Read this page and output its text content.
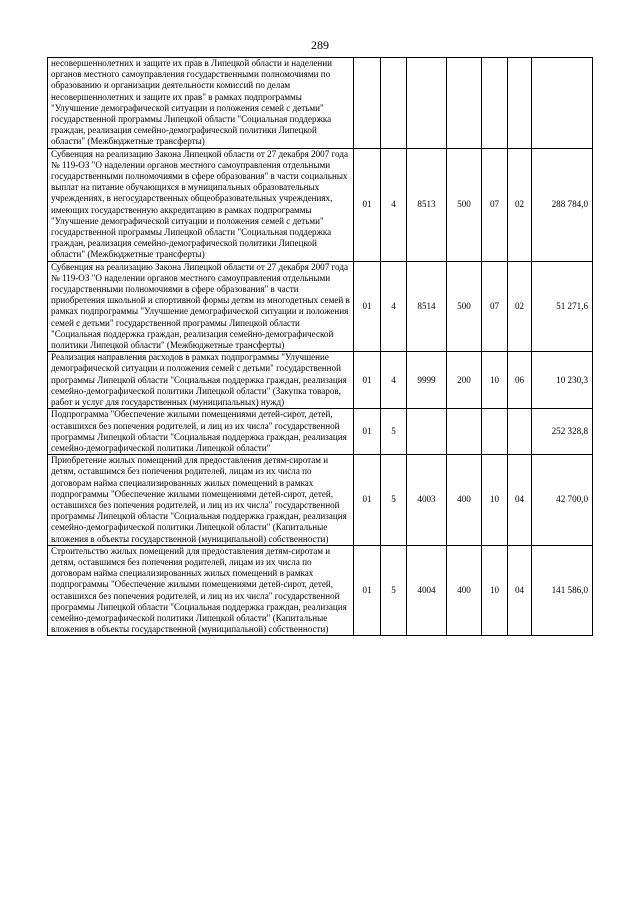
289
несовершеннолетних и защите их прав в Липецкой области и наделении органов местного самоуправления государственными полномочиями по образованию и организации деятельности комиссий по делам несовершеннолетних и защите их прав" в рамках подпрограммы "Улучшение демографической ситуации и положения семей с детьми" государственной программы Липецкой области "Социальная поддержка граждан, реализация семейно-демографической политики Липецкой области" (Межбюджетные трансферты)							
Субвенция на реализацию Закона Липецкой области от 27 декабря 2007 года № 119-ОЗ "О наделении органов местного самоуправления отдельными государственными полномочиями в сфере образования" в части социальных выплат на питание обучающихся в муниципальных образовательных учреждениях, в негосударственных общеобразовательных учреждениях, имеющих государственную аккредитацию в рамках подпрограммы "Улучшение демографической ситуации и положения семей с детьми" государственной программы Липецкой области "Социальная поддержка граждан, реализация семейно-демографической политики Липецкой области" (Межбюджетные трансферты)	01	4	8513	500	07	02	288 784,0
Субвенция на реализацию Закона Липецкой области от 27 декабря 2007 года № 119-ОЗ "О наделении органов местного самоуправления отдельными государственными полномочиями в сфере образования" в части приобретения школьной и спортивной формы детям из многодетных семей в рамках подпрограммы "Улучшение демографической ситуации и положения семей с детьми" государственной программы Липецкой области "Социальная поддержка граждан, реализация семейно-демографической политики Липецкой области" (Межбюджетные трансферты)	01	4	8514	500	07	02	51 271,6
Реализация направления расходов в рамках подпрограммы "Улучшение демографической ситуации и положения семей с детьми" государственной программы Липецкой области "Социальная поддержка граждан, реализация семейно-демографической политики Липецкой области" (Закупка товаров, работ и услуг для государственных (муниципальных) нужд)	01	4	9999	200	10	06	10 230,3
Подпрограмма "Обеспечение жилыми помещениями детей-сирот, детей, оставшихся без попечения родителей, и лиц из их числа" государственной программы Липецкой области "Социальная поддержка граждан, реализация семейно-демографической политики Липецкой области"	01	5					252 328,8
Приобретение жилых помещений для предоставления детям-сиротам и детям, оставшимся без попечения родителей, лицам из их числа по договорам найма специализированных жилых помещений в рамках подпрограммы "Обеспечение жилыми помещениями детей-сирот, детей, оставшихся без попечения родителей, и лиц из их числа" государственной программы Липецкой области "Социальная поддержка граждан, реализация семейно-демографической политики Липецкой области" (Капитальные вложения в объекты государственной (муниципальной) собственности)	01	5	4003	400	10	04	42 700,0
Строительство жилых помещений для предоставления детям-сиротам и детям, оставшимся без попечения родителей, лицам из их числа по договорам найма специализированных жилых помещений в рамках подпрограммы "Обеспечение жилыми помещениями детей-сирот, детей, оставшихся без попечения родителей, и лиц из их числа" государственной программы Липецкой области "Социальная поддержка граждан, реализация семейно-демографической политики Липецкой области" (Капитальные вложения в объекты государственной (муниципальной) собственности)	01	5	4004	400	10	04	141 586,0
